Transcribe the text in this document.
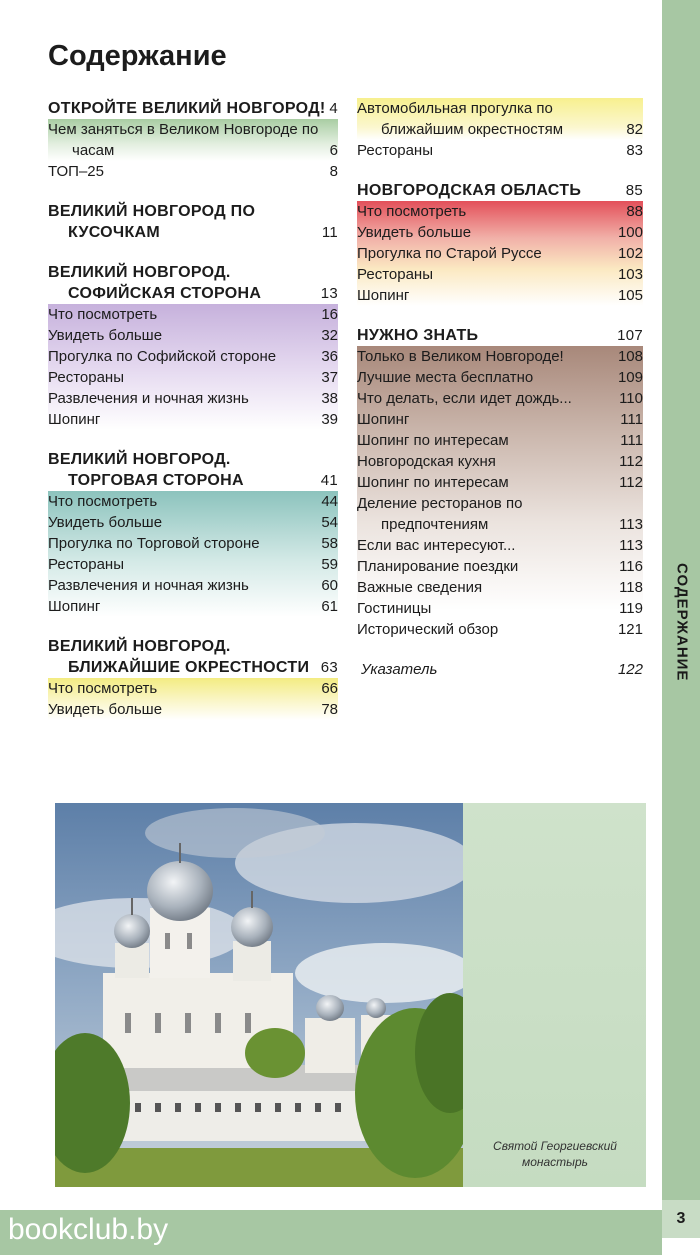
СОДЕРЖАНИЕ
bookclub.by	3
Содержание
ОТКРОЙТЕ ВЕЛИКИЙ НОВГОРОД! 4
Чем заняться в Великом Новгороде по часам	6
ТОП–25	8
ВЕЛИКИЙ НОВГОРОД ПО КУСОЧКАМ	11
ВЕЛИКИЙ НОВГОРОД. СОФИЙСКАЯ СТОРОНА	13
Что посмотреть	16
Увидеть больше	32
Прогулка по Софийской стороне	36
Рестораны	37
Развлечения и ночная жизнь	38
Шопинг	39
ВЕЛИКИЙ НОВГОРОД. ТОРГОВАЯ СТОРОНА	41
Что посмотреть	44
Увидеть больше	54
Прогулка по Торговой стороне	58
Рестораны	59
Развлечения и ночная жизнь	60
Шопинг	61
ВЕЛИКИЙ НОВГОРОД. БЛИЖАЙШИЕ ОКРЕСТНОСТИ 63
Что посмотреть	66
Увидеть больше	78
Автомобильная прогулка по ближайшим окрестностям	82
Рестораны	83
НОВГОРОДСКАЯ ОБЛАСТЬ	85
Что посмотреть	88
Увидеть больше	100
Прогулка по Старой Руссе	102
Рестораны	103
Шопинг	105
НУЖНО ЗНАТЬ	107
Только в Великом Новгороде!	108
Лучшие места бесплатно	109
Что делать, если идет дождь...	110
Шопинг	111
Шопинг по интересам	111
Новгородская кухня	112
Шопинг по интересам	112
Деление ресторанов по предпочтениям	113
Если вас интересуют...	113
Планирование поездки	116
Важные сведения	118
Гостиницы	119
Исторический обзор	121
Указатель	122
Святой Георгиевский монастырь
